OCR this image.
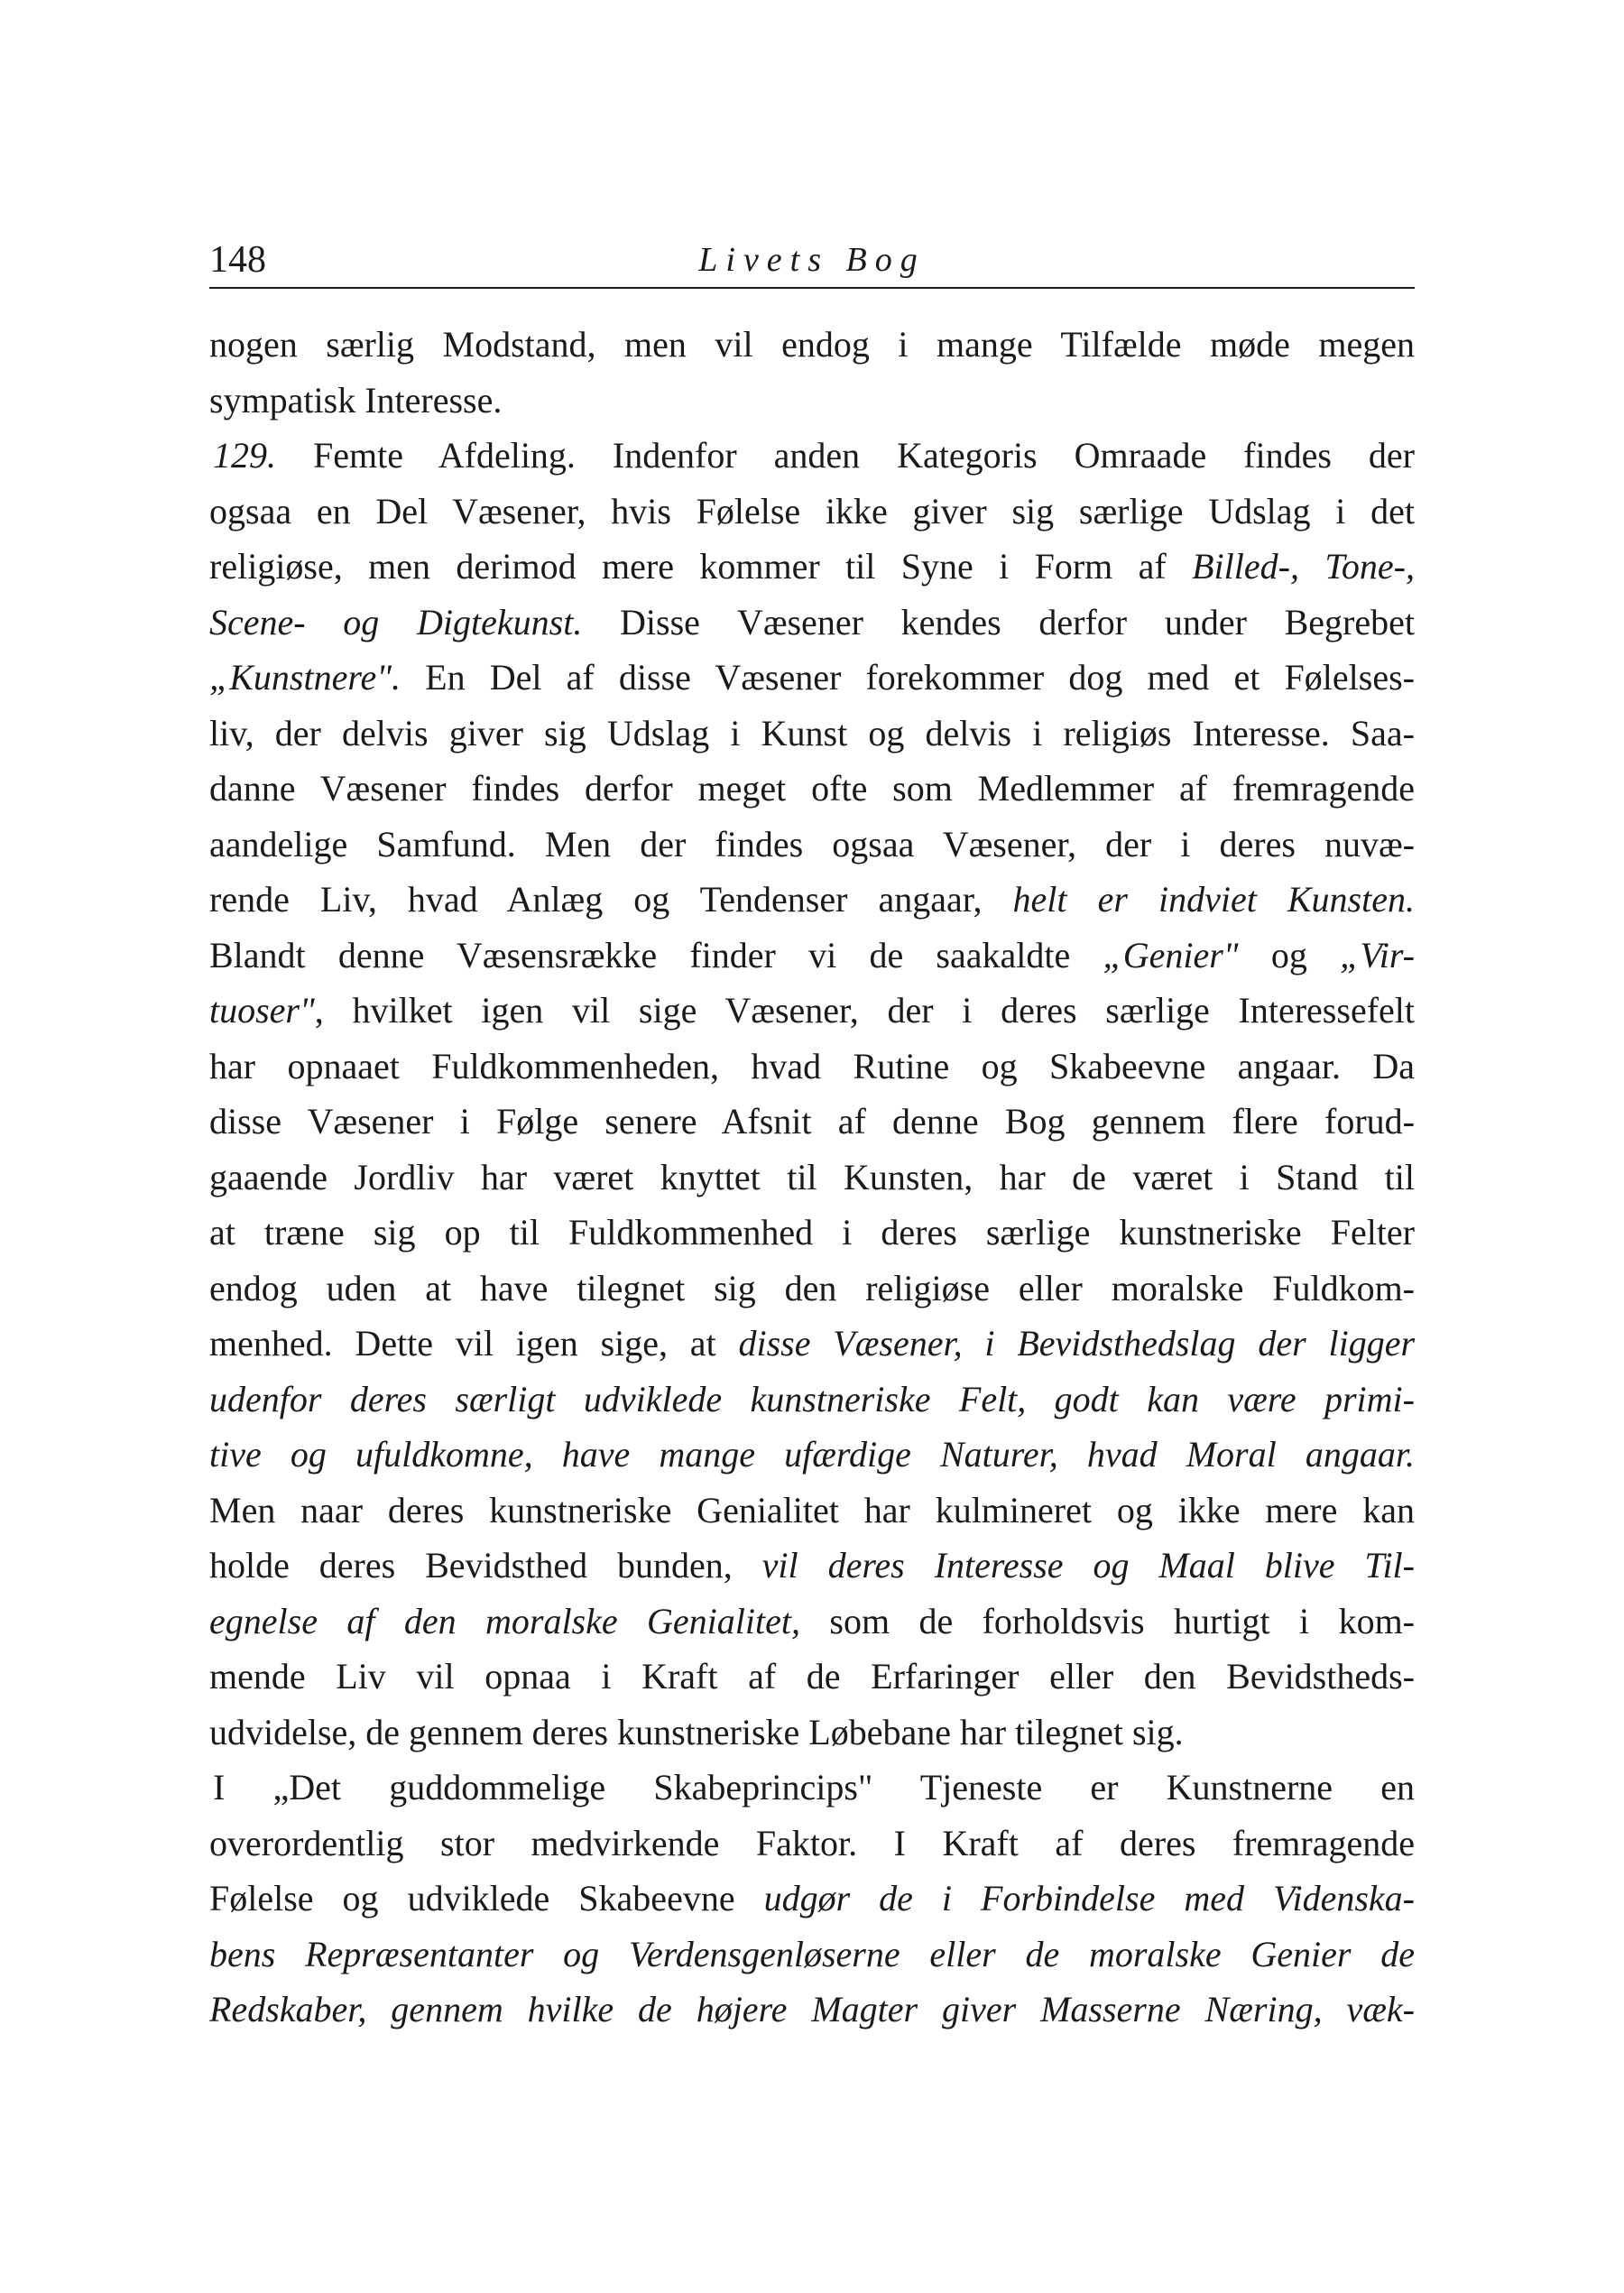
148	Livets Bog
nogen særlig Modstand, men vil endog i mange Tilfælde møde megen
sympatisk Interesse.
129. Femte Afdeling. Indenfor anden Kategoris Omraade findes der
ogsaa en Del Væsener, hvis Følelse ikke giver sig særlige Udslag i det
religiøse, men derimod mere kommer til Syne i Form af Billed-, Tone-,
Scene- og Digtekunst. Disse Væsener kendes derfor under Begrebet
„Kunstnere". En Del af disse Væsener forekommer dog med et Følelses-
liv, der delvis giver sig Udslag i Kunst og delvis i religiøs Interesse. Saa-
danne Væsener findes derfor meget ofte som Medlemmer af fremragende
aandelige Samfund. Men der findes ogsaa Væsener, der i deres nuvæ-
rende Liv, hvad Anlæg og Tendenser angaar, helt er indviet Kunsten.
Blandt denne Væsensrække finder vi de saakaldte „Genier" og „Vir-
tuoser", hvilket igen vil sige Væsener, der i deres særlige Interessefelt
har opnaaet Fuldkommenheden, hvad Rutine og Skabeevne angaar. Da
disse Væsener i Følge senere Afsnit af denne Bog gennem flere forud-
gaaende Jordliv har været knyttet til Kunsten, har de været i Stand til
at træne sig op til Fuldkommenhed i deres særlige kunstneriske Felter
endog uden at have tilegnet sig den religiøse eller moralske Fuldkom-
menhed. Dette vil igen sige, at disse Væsener, i Bevidsthedslag der ligger
udenfor deres særligt udviklede kunstneriske Felt, godt kan være primi-
tive og ufuldkomne, have mange ufærdige Naturer, hvad Moral angaar.
Men naar deres kunstneriske Genialitet har kulmineret og ikke mere kan
holde deres Bevidsthed bunden, vil deres Interesse og Maal blive Til-
egnelse af den moralske Genialitet, som de forholdsvis hurtigt i kom-
mende Liv vil opnaa i Kraft af de Erfaringer eller den Bevidstheds-
udvidelse, de gennem deres kunstneriske Løbebane har tilegnet sig.
I „Det guddommelige Skabeprincips" Tjeneste er Kunstnerne en
overordentlig stor medvirkende Faktor. I Kraft af deres fremragende
Følelse og udviklede Skabeevne udgør de i Forbindelse med Videnska-
bens Repræsentanter og Verdensgenløserne eller de moralske Genier de
Redskaber, gennem hvilke de højere Magter giver Masserne Næring, væk-
